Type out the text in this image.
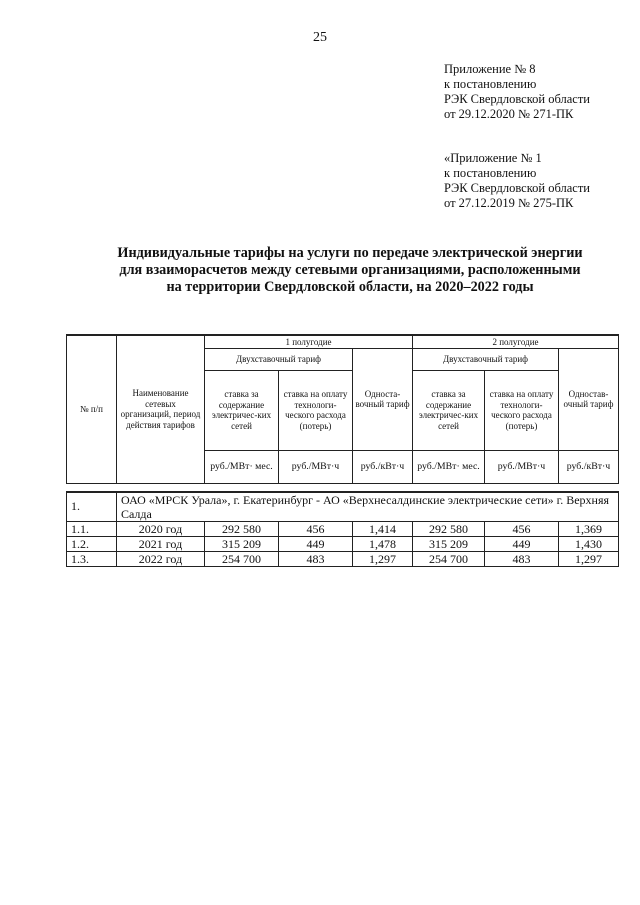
25
Приложение № 8
к постановлению
РЭК Свердловской области
от 29.12.2020 № 271-ПК
«Приложение № 1
к постановлению
РЭК Свердловской области
от 27.12.2019 № 275-ПК
Индивидуальные тарифы на услуги по передаче электрической энергии
для взаиморасчетов между сетевыми организациями, расположенными
на территории Свердловской области, на 2020–2022 годы
№ п/п	Наименование сетевых организаций, период действия тарифов	1 полугодие			2 полугодие		
		Двухставочный тариф		Односта-вочный тариф	Двухставочный тариф		Одностав-очный тариф
		ставка за содержание электричес-ких сетей	ставка на оплату технологи-ческого расхода (потерь)		ставка за содержание электричес-ких сетей	ставка на оплату технологи-ческого расхода (потерь)	
		руб./МВт· мес.	руб./МВт·ч	руб./кВт·ч	руб./МВт· мес.	руб./МВт·ч	руб./кВт·ч

1.	ОАО «МРСК Урала», г. Екатеринбург - АО «Верхнесалдинские электрические сети» г. Верхняя Салда						
1.1.	2020 год	292 580	456	1,414	292 580	456	1,369
1.2.	2021 год	315 209	449	1,478	315 209	449	1,430
1.3.	2022 год	254 700	483	1,297	254 700	483	1,297
